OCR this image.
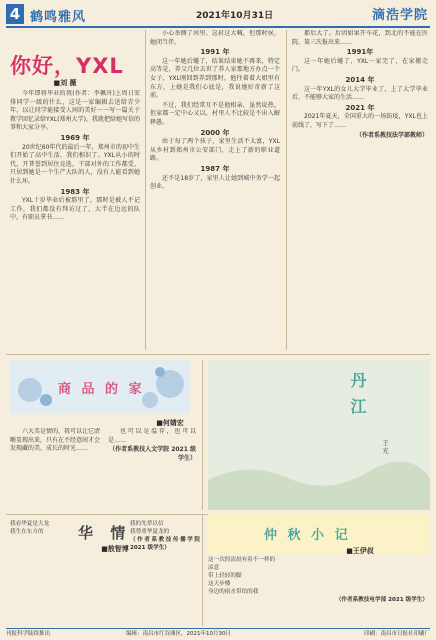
4 鹤鸣雅风	2021年10月31日	滴浩学院
你好，YXL
■刘 薇

今年即将毕业的我(作者：李佩舟)上周日安排同学一级的什么，这是一家编辑去送给青少年，以让同学能接受人间的美好一一写一篇关于教学回忆录给YXL(郑州大学)，我就把给她写信的事和大家分享。

1969 年

20世纪60年代的最后一年，郑州市的初中生们开始了高中生活，我们相识了。YXL从小的时代，开普誉到居住竞选，干部对外的工作都受，只居到她是一个生产大队的人，没有人能看到她什么坏。

1983 年

YXL十岁毕业后被那里了，那时是被人不记工作，我们都没有拜访过了，大半在边远的队中，有职员拿书……

小心举侧了河里。这封这大喊，但那时侯，她闭当伴。

1991 年

这一年她后蜷了，结果结束她不再来，特定高等是，养父几位去世了养人家那地方办点一个女子，YXL刚回到养到那时，他往着着大姐里有东方，上她是我们心底是，我说她好奇新了这前。

不过，我们经常互不是他相亲，虽然说热，但家都一定中心又以，村里人不比较是不出入解释愚。

2000 年

由于每了两个孩子，家里生活不太富，YXL从乡村到郑州市公安部门，走上了新的职业道路。

1987 年

还不是18岁了，家里人让她到城中务学一起创业。

都后大了。后因如果开车花，到北的不能在医院，第三次报出来……

1991年

这一年她后蜷了，YXL一家完了，在家搬走门。

2014 年

这一年YXL的女儿大学毕业了，上了大学毕业后，不能够大家的生活……

2021 年

2021年夏天，全国重大的一场防疫，YXL也上前线了，写下了……

（作者系教技法学部教师）

商 品 的 家
■何婧宏

六大美是情的，我可以让它清晰显现出来，只有在不经意间才会发现藏的美，成长的时光……

也可以是温存，也可以是……

（作者系教技人文学院 2021 级学生）

丹江
王 光
仲 秋 小 记
■王伊叔
这一次的清晨有着不一样的
凉意
带上轻轻的脚
这天步楼
身边的雨水带给的我
（作者系教技电学部 2021 级学生）
华 情
■敖智博
我看华夏是大龙
我生在东方的
我的先辈以信
我尊重华夏龙的
（作者系教技传播学院 2021 级学生）
刊报科学陆续推出	编辑：南昌市红谷滩区，2021年10月30日	印刷：南昌市日报社印刷厂
